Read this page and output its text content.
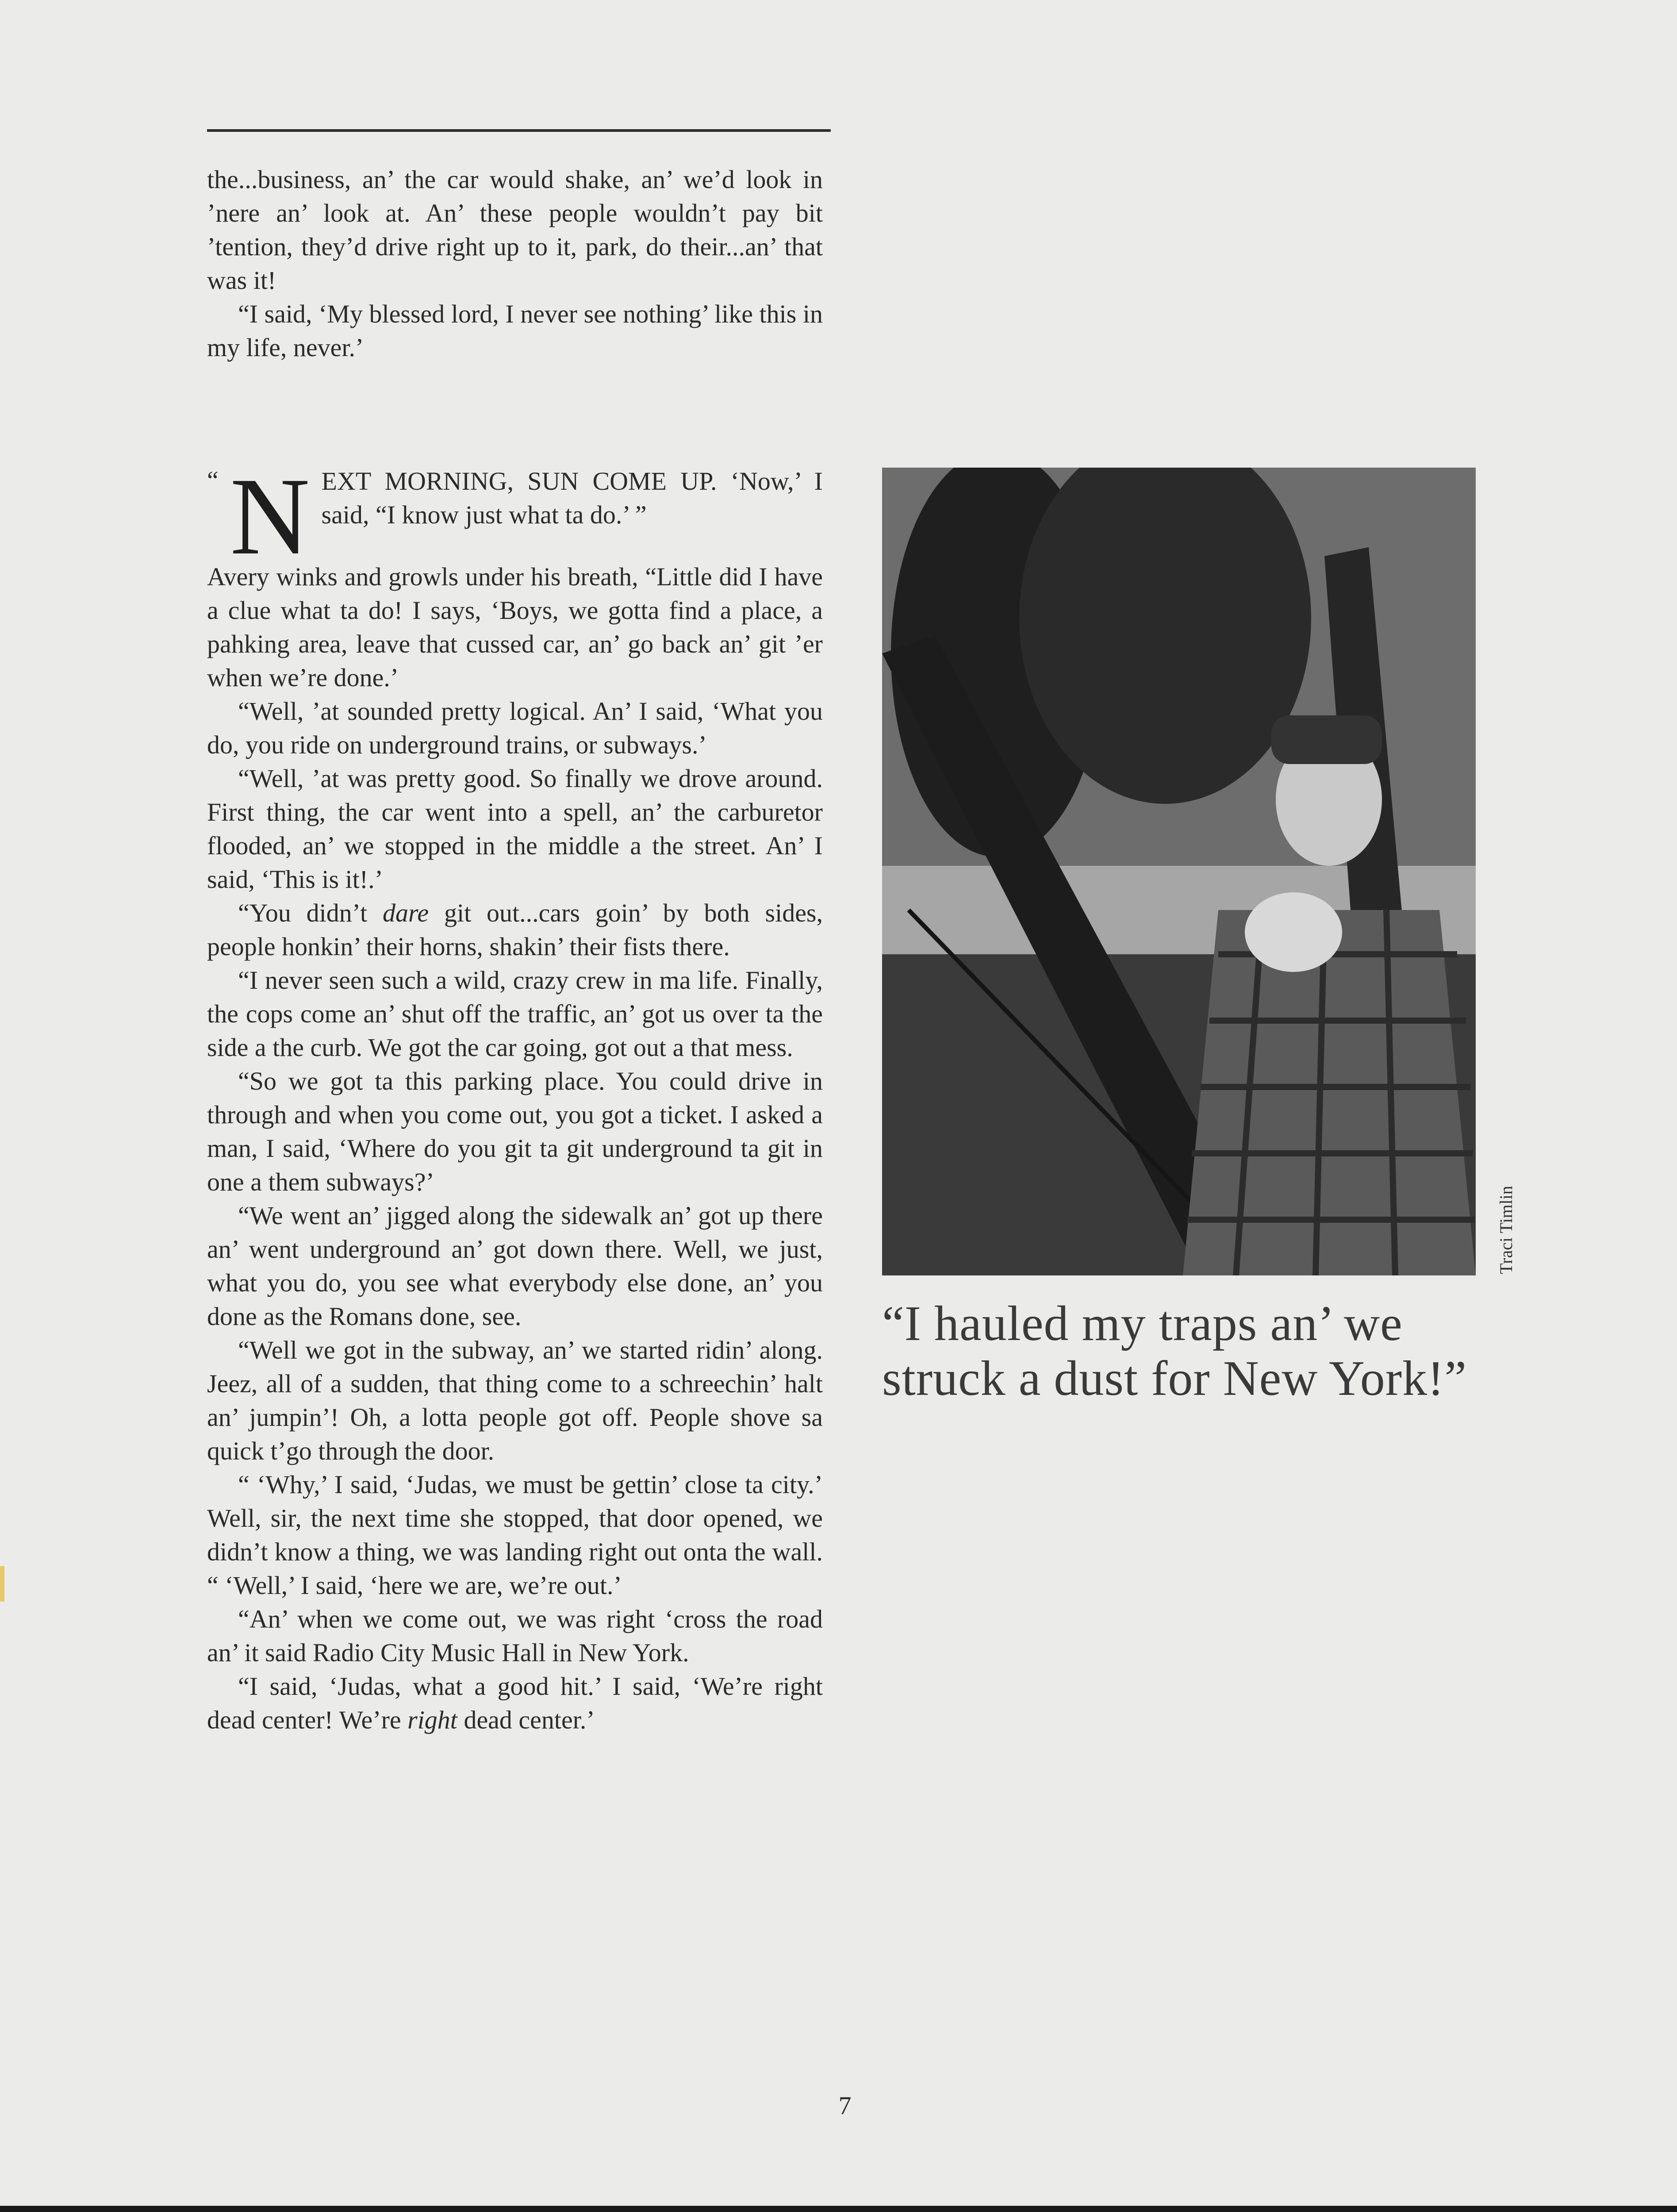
the...business, an’ the car would shake, an’ we’d look in ’nere an’ look at. An’ these people wouldn’t pay bit ’tention, they’d drive right up to it, park, do their...an’ that was it!

“I said, ‘My blessed lord, I never see nothing’ like this in my life, never.’

“ N EXT MORNING, SUN COME UP. ‘Now,’ I said, “I know just what ta do.’ ”

Avery winks and growls under his breath, “Little did I have a clue what ta do! I says, ‘Boys, we gotta find a place, a pahking area, leave that cussed car, an’ go back an’ git ’er when we’re done.’

“Well, ’at sounded pretty logical. An’ I said, ‘What you do, you ride on underground trains, or subways.’

“Well, ’at was pretty good. So finally we drove around. First thing, the car went into a spell, an’ the carburetor flooded, an’ we stopped in the middle a the street. An’ I said, ‘This is it!.’

“You didn’t dare git out...cars goin’ by both sides, people honkin’ their horns, shakin’ their fists there.

“I never seen such a wild, crazy crew in ma life. Finally, the cops come an’ shut off the traffic, an’ got us over ta the side a the curb. We got the car going, got out a that mess.

“So we got ta this parking place. You could drive in through and when you come out, you got a ticket. I asked a man, I said, ‘Where do you git ta git underground ta git in one a them subways?’

“We went an’ jigged along the sidewalk an’ got up there an’ went underground an’ got down there. Well, we just, what you do, you see what everybody else done, an’ you done as the Romans done, see.

“Well we got in the subway, an’ we started ridin’ along. Jeez, all of a sudden, that thing come to a schreechin’ halt an’ jumpin’! Oh, a lotta people got off. People shove sa quick t’go through the door.

“ ‘Why,’ I said, ‘Judas, we must be gettin’ close ta city.’ Well, sir, the next time she stopped, that door opened, we didn’t know a thing, we was landing right out onta the wall. “ ‘Well,’ I said, ‘here we are, we’re out.’

“An’ when we come out, we was right ‘cross the road an’ it said Radio City Music Hall in New York.

“I said, ‘Judas, what a good hit.’ I said, ‘We’re right dead center! We’re right dead center.’

Traci Timlin
“I hauled my traps an’ we struck a dust for New York!”
7
